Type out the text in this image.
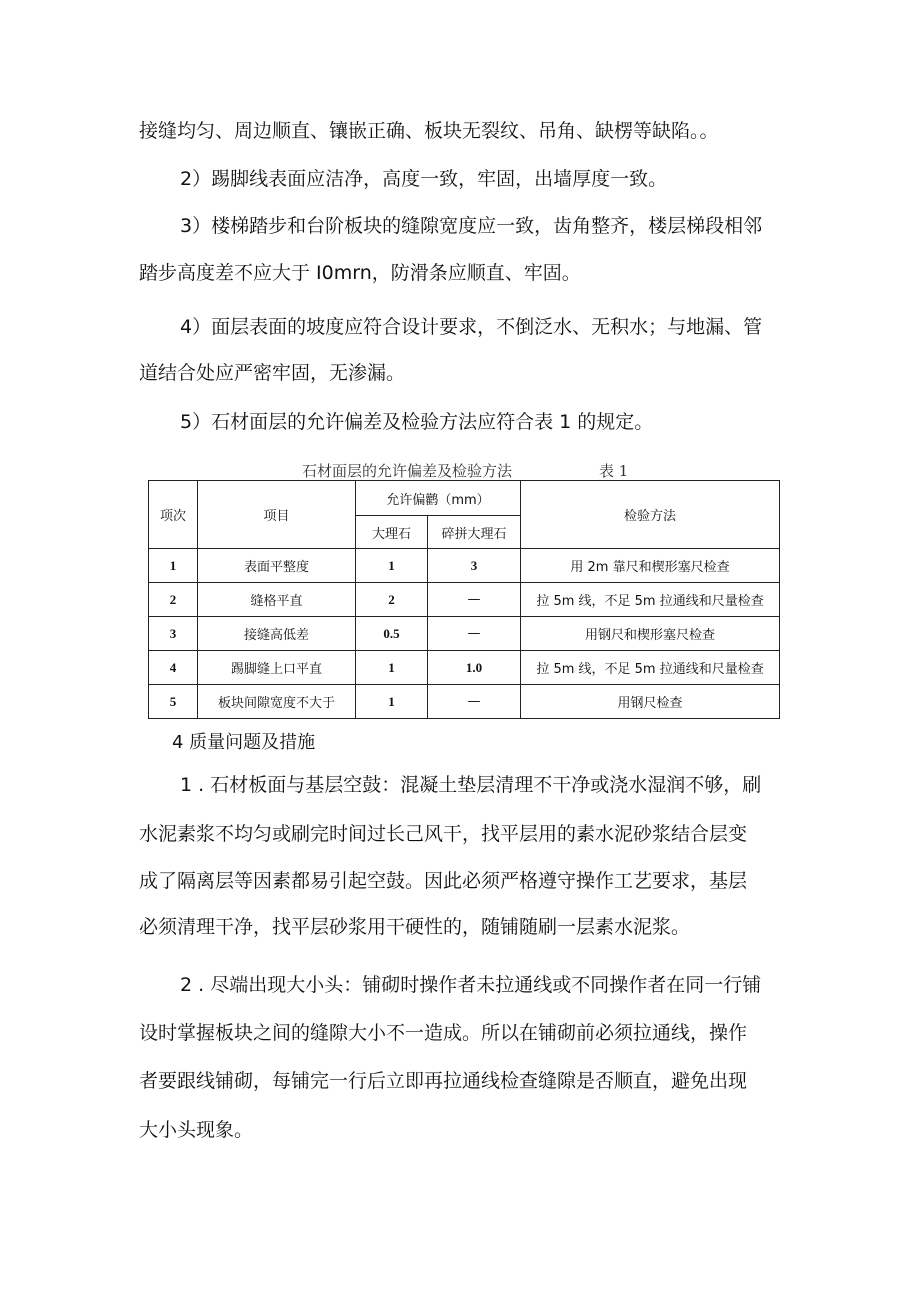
接缝均匀、周边顺直、镶嵌正确、板块无裂纹、吊角、缺楞等缺陷。。
2）踢脚线表面应洁净，高度一致，牢固，出墙厚度一致。
3）楼梯踏步和台阶板块的缝隙宽度应一致，齿角整齐，楼层梯段相邻
踏步高度差不应大于 I0mrn，防滑条应顺直、牢固。
4）面层表面的坡度应符合设计要求，不倒泛水、无积水；与地漏、管
道结合处应严密牢固，无渗漏。
5）石材面层的允许偏差及检验方法应符合表 1 的规定。
石材面层的允许偏差及检验方法	表 1
项次	项目	允许偏鹳（mm）		检验方法
		大理石	碎拼大理石	
1	表面平整度	1	3	用 2m 靠尺和楔形塞尺检查
2	缝格平直	2	—	拉 5m 线，不足 5m 拉通线和尺量检查
3	接缝高低差	0.5	—	用钢尺和楔形塞尺检查
4	踢脚缝上口平直	1	1.0	拉 5m 线，不足 5m 拉通线和尺量检查
5	板块间隙宽度不大于	1	—	用钢尺检查
4 质量问题及措施
1 . 石材板面与基层空鼓：混凝土垫层清理不干净或浇水湿润不够，刷
水泥素浆不均匀或刷完时间过长己风干，找平层用的素水泥砂浆结合层变
成了隔离层等因素都易引起空鼓。因此必须严格遵守操作工艺要求，基层
必须清理干净，找平层砂浆用干硬性的，随铺随刷一层素水泥浆。
2 . 尽端出现大小头：铺砌时操作者未拉通线或不同操作者在同一行铺
设时掌握板块之间的缝隙大小不一造成。所以在铺砌前必须拉通线，操作
者要跟线铺砌，每铺完一行后立即再拉通线检查缝隙是否顺直，避免出现
大小头现象。
